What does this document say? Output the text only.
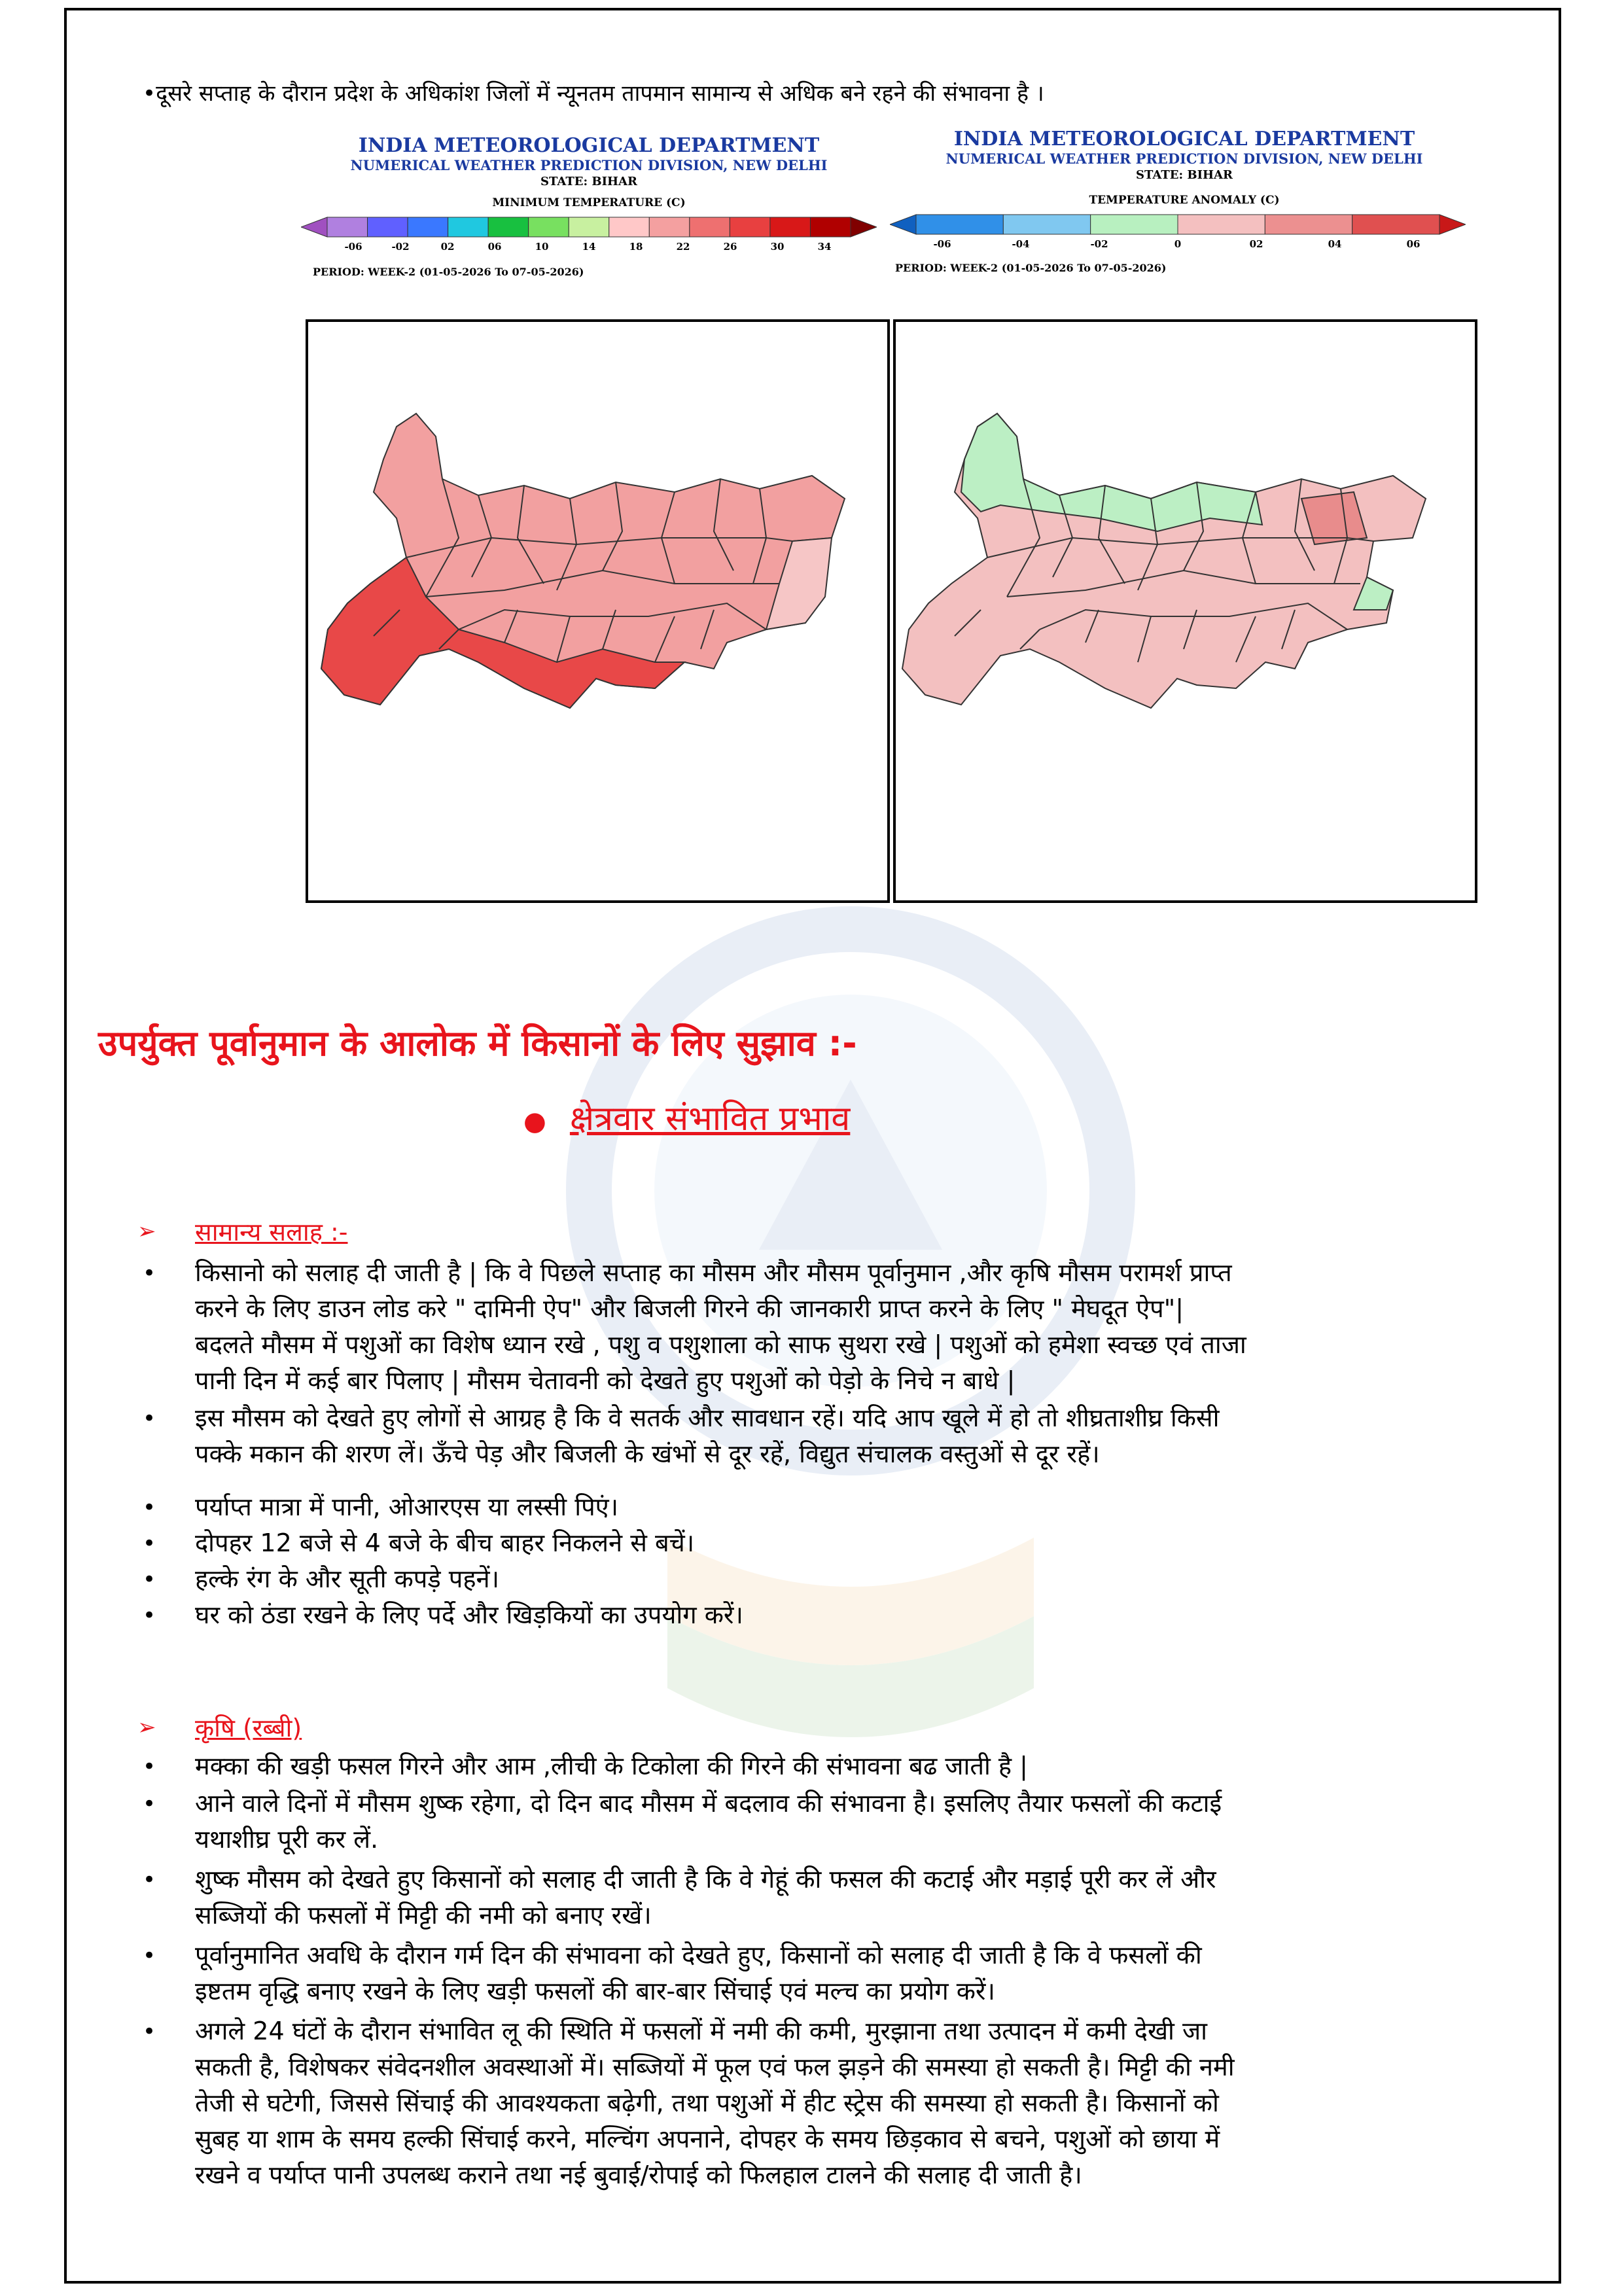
•दूसरे सप्ताह के दौरान प्रदेश के अधिकांश जिलों में न्यूनतम तापमान सामान्य से अधिक बने रहने की संभावना है ।
INDIA METEOROLOGICAL DEPARTMENT
NUMERICAL WEATHER PREDICTION DIVISION, NEW DELHI
STATE: BIHAR
MINIMUM TEMPERATURE (C)
-06	-02	02	06	10	14	18	22	26	30	34
PERIOD: WEEK-2 (01-05-2026 To 07-05-2026)
INDIA METEOROLOGICAL DEPARTMENT
NUMERICAL WEATHER PREDICTION DIVISION, NEW DELHI
STATE: BIHAR
TEMPERATURE ANOMALY (C)
-06	-04	-02	0	02	04	06
PERIOD: WEEK-2 (01-05-2026 To 07-05-2026)
उपर्युक्त पूर्वानुमान के आलोक में किसानों के लिए सुझाव :-
● क्षेत्रवार संभावित प्रभाव
➢ सामान्य सलाह :-
• किसानो को सलाह दी जाती है | कि वे पिछले सप्ताह का मौसम और मौसम पूर्वानुमान ,और कृषि मौसम परामर्श प्राप्त
करने के लिए डाउन लोड करे " दामिनी ऐप" और बिजली गिरने की जानकारी प्राप्त करने के लिए " मेघदूत ऐप"|
बदलते मौसम में पशुओं का विशेष ध्यान रखे , पशु व पशुशाला को साफ सुथरा रखे | पशुओं को हमेशा स्वच्छ एवं ताजा
पानी दिन में कई बार पिलाए | मौसम चेतावनी को देखते हुए पशुओं को पेड़ो के निचे न बाधे |
• इस मौसम को देखते हुए लोगों से आग्रह है कि वे सतर्क और सावधान रहें। यदि आप खूले में हो तो शीघ्रताशीघ्र किसी
पक्के मकान की शरण लें। ऊँचे पेड़ और बिजली के खंभों से दूर रहें, विद्युत संचालक वस्तुओं से दूर रहें।
• पर्याप्त मात्रा में पानी, ओआरएस या लस्सी पिएं।
• दोपहर 12 बजे से 4 बजे के बीच बाहर निकलने से बचें।
• हल्के रंग के और सूती कपड़े पहनें।
• घर को ठंडा रखने के लिए पर्दे और खिड़कियों का उपयोग करें।
➢ कृषि (रब्बी)
• मक्का की खड़ी फसल गिरने और आम ,लीची के टिकोला की गिरने की संभावना बढ जाती है |
• आने वाले दिनों में मौसम शुष्क रहेगा, दो दिन बाद मौसम में बदलाव की संभावना है। इसलिए तैयार फसलों की कटाई
यथाशीघ्र पूरी कर लें.
• शुष्क मौसम को देखते हुए किसानों को सलाह दी जाती है कि वे गेहूं की फसल की कटाई और मड़ाई पूरी कर लें और
सब्जियों की फसलों में मिट्टी की नमी को बनाए रखें।
• पूर्वानुमानित अवधि के दौरान गर्म दिन की संभावना को देखते हुए, किसानों को सलाह दी जाती है कि वे फसलों की
इष्टतम वृद्धि बनाए रखने के लिए खड़ी फसलों की बार-बार सिंचाई एवं मल्च का प्रयोग करें।
• अगले 24 घंटों के दौरान संभावित लू की स्थिति में फसलों में नमी की कमी, मुरझाना तथा उत्पादन में कमी देखी जा
सकती है, विशेषकर संवेदनशील अवस्थाओं में। सब्जियों में फूल एवं फल झड़ने की समस्या हो सकती है। मिट्टी की नमी
तेजी से घटेगी, जिससे सिंचाई की आवश्यकता बढ़ेगी, तथा पशुओं में हीट स्ट्रेस की समस्या हो सकती है। किसानों को
सुबह या शाम के समय हल्की सिंचाई करने, मल्चिंग अपनाने, दोपहर के समय छिड़काव से बचने, पशुओं को छाया में
रखने व पर्याप्त पानी उपलब्ध कराने तथा नई बुवाई/रोपाई को फिलहाल टालने की सलाह दी जाती है।
